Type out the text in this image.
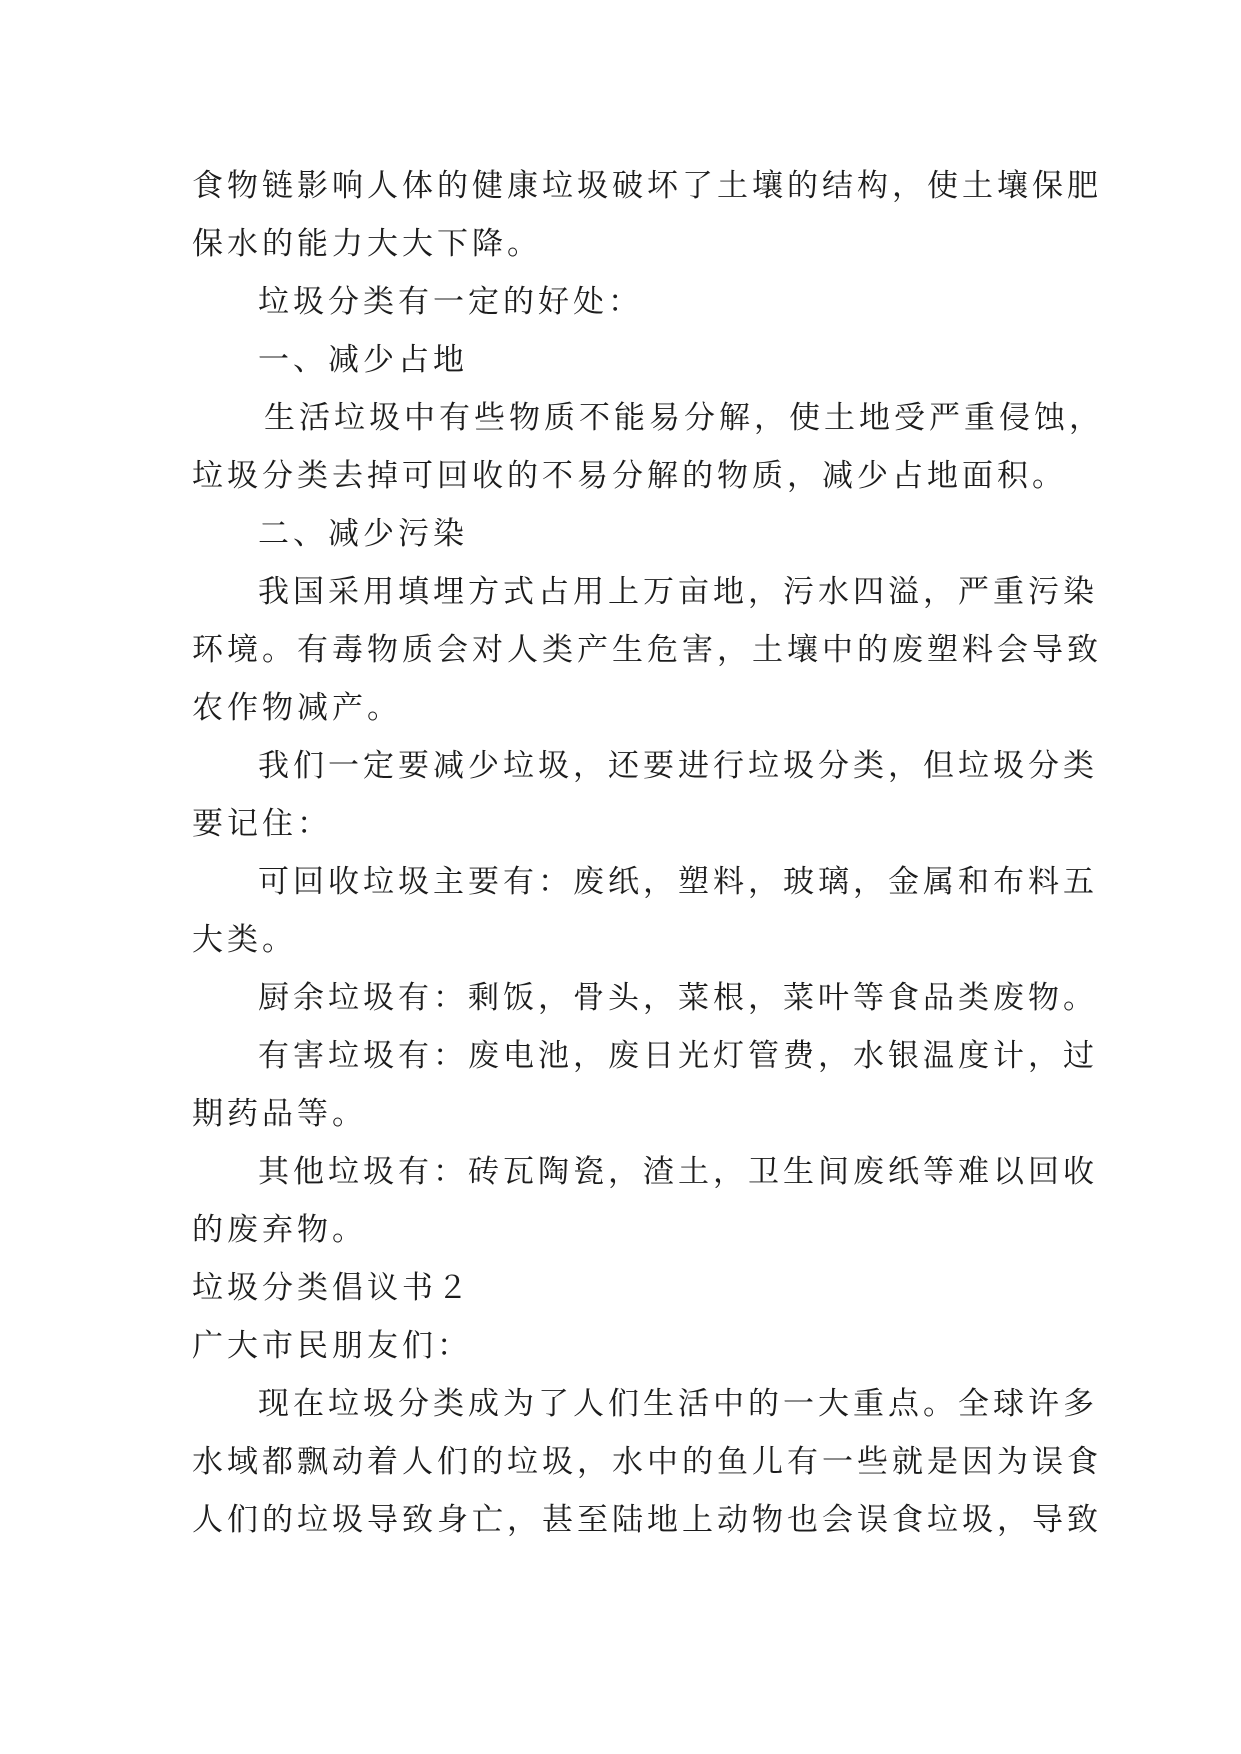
食物链影响人体的健康垃圾破坏了土壤的结构，使土壤保肥
保水的能力大大下降。
垃圾分类有一定的好处：
一、减少占地
生活垃圾中有些物质不能易分解，使土地受严重侵蚀，
垃圾分类去掉可回收的不易分解的物质，减少占地面积。
二、减少污染
我国采用填埋方式占用上万亩地，污水四溢，严重污染
环境。有毒物质会对人类产生危害，土壤中的废塑料会导致
农作物减产。
我们一定要减少垃圾，还要进行垃圾分类，但垃圾分类
要记住：
可回收垃圾主要有：废纸，塑料，玻璃，金属和布料五
大类。
厨余垃圾有：剩饭，骨头，菜根，菜叶等食品类废物。
有害垃圾有：废电池，废日光灯管费，水银温度计，过
期药品等。
其他垃圾有：砖瓦陶瓷，渣土，卫生间废纸等难以回收
的废弃物。
垃圾分类倡议书２
广大市民朋友们：
现在垃圾分类成为了人们生活中的一大重点。全球许多
水域都飘动着人们的垃圾，水中的鱼儿有一些就是因为误食
人们的垃圾导致身亡，甚至陆地上动物也会误食垃圾，导致
